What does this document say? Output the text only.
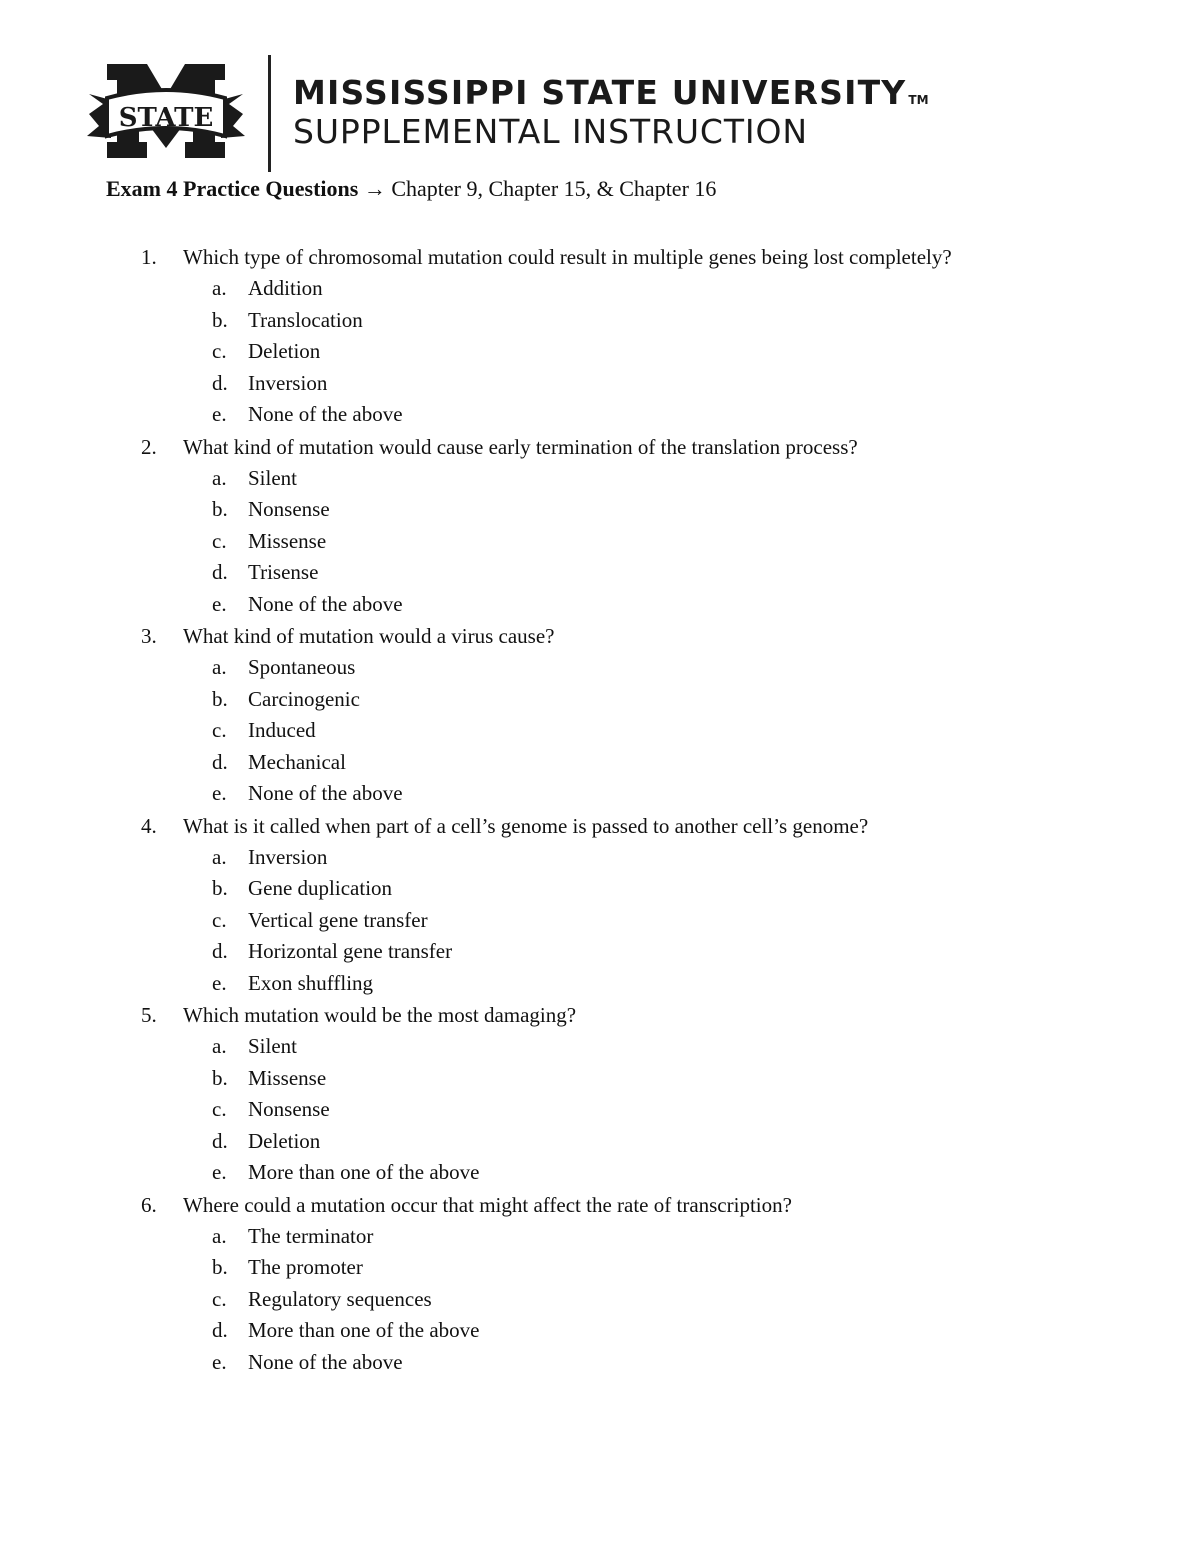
STATE
MISSISSIPPI STATE UNIVERSITY TM
SUPPLEMENTAL INSTRUCTION
Exam 4 Practice Questions → Chapter 9, Chapter 15, & Chapter 16
1.	Which type of chromosomal mutation could result in multiple genes being lost completely?
a.	Addition
b. Translocation
c.	Deletion
d. Inversion
e.	None of the above
2.	What kind of mutation would cause early termination of the translation process?
a.	Silent
b. Nonsense
c.	Missense
d. Trisense
e.	None of the above
3.	What kind of mutation would a virus cause?
a.	Spontaneous
b. Carcinogenic
c.	Induced
d. Mechanical
e.	None of the above
4.	What is it called when part of a cell’s genome is passed to another cell’s genome?
a.	Inversion
b. Gene duplication
c.	Vertical gene transfer
d. Horizontal gene transfer
e.	Exon shuffling
5.	Which mutation would be the most damaging?
a.	Silent
b. Missense
c.	Nonsense
d. Deletion
e.	More than one of the above
6.	Where could a mutation occur that might affect the rate of transcription?
a.	The terminator
b. The promoter
c.	Regulatory sequences
d. More than one of the above
e.	None of the above
